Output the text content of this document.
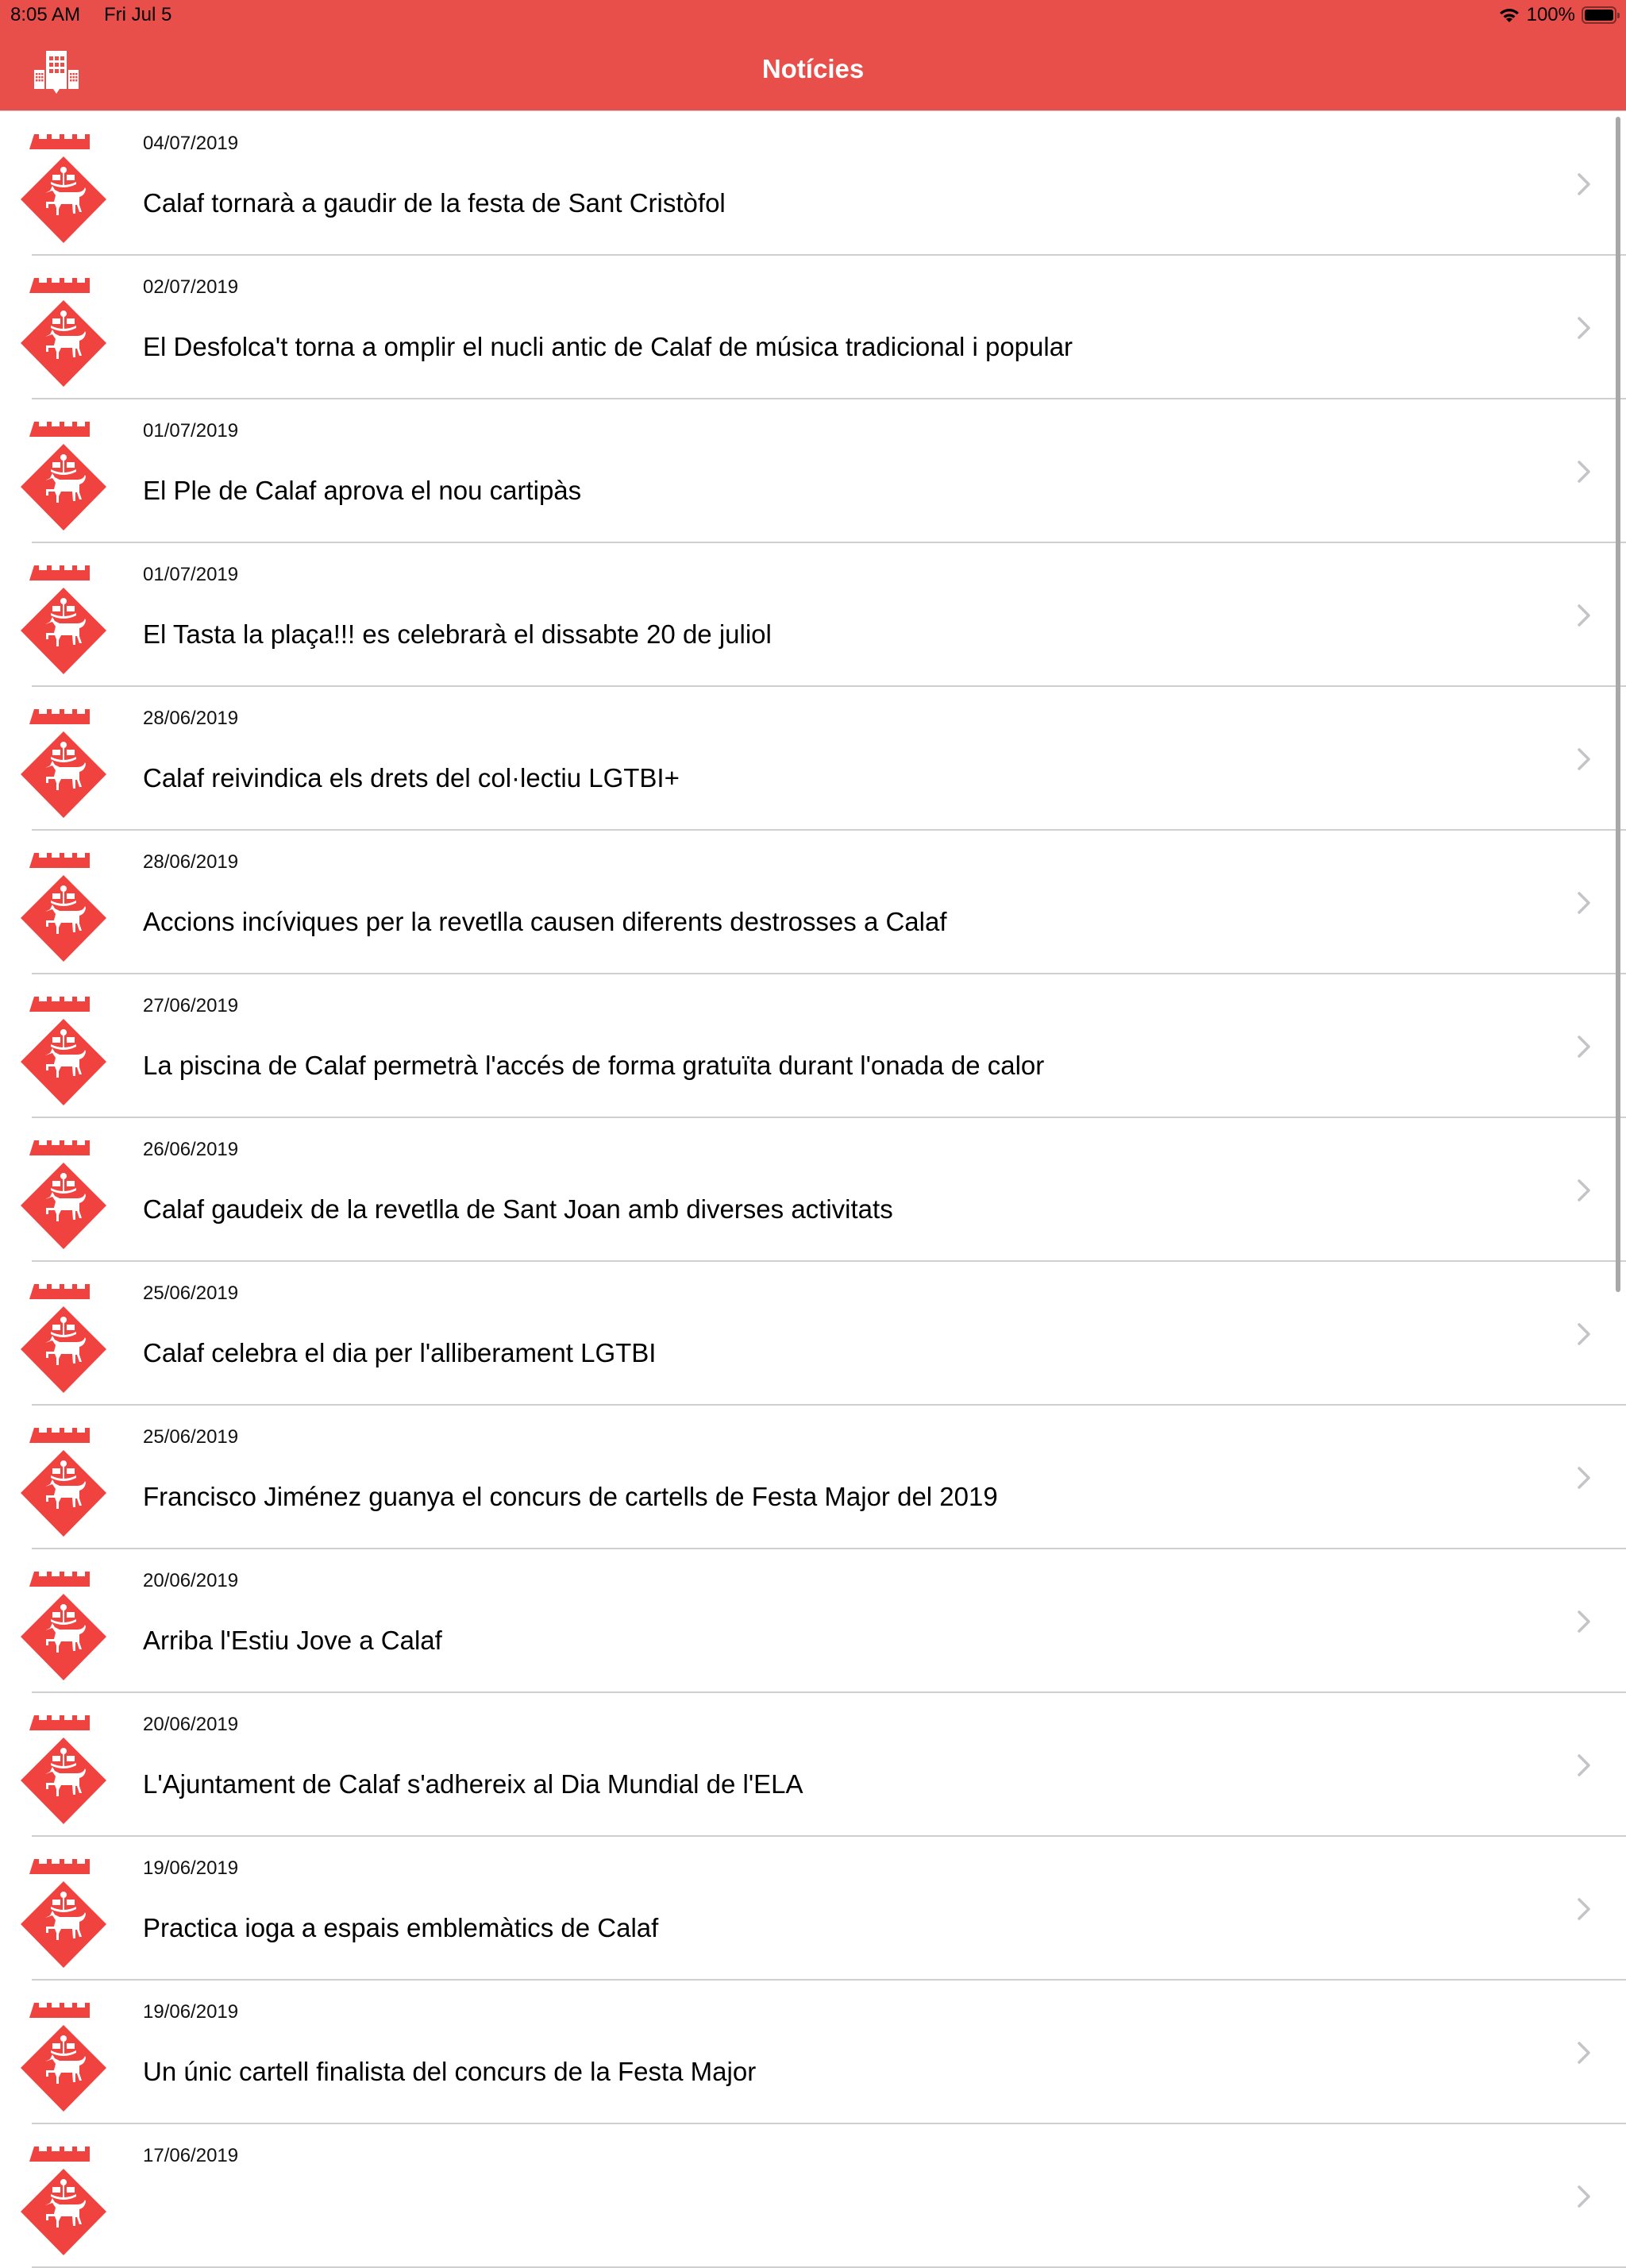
8:05 AM Fri Jul 5	100%
Notícies
04/07/2019
Calaf tornarà a gaudir de la festa de Sant Cristòfol
02/07/2019
El Desfolca't torna a omplir el nucli antic de Calaf de música tradicional i popular
01/07/2019
El Ple de Calaf aprova el nou cartipàs
01/07/2019
El Tasta la plaça!!! es celebrarà el dissabte 20 de juliol
28/06/2019
Calaf reivindica els drets del col·lectiu LGTBI+
28/06/2019
Accions incíviques per la revetlla causen diferents destrosses a Calaf
27/06/2019
La piscina de Calaf permetrà l'accés de forma gratuïta durant l'onada de calor
26/06/2019
Calaf gaudeix de la revetlla de Sant Joan amb diverses activitats
25/06/2019
Calaf celebra el dia per l'alliberament LGTBI
25/06/2019
Francisco Jiménez guanya el concurs de cartells de Festa Major del 2019
20/06/2019
Arriba l'Estiu Jove a Calaf
20/06/2019
L'Ajuntament de Calaf s'adhereix al Dia Mundial de l'ELA
19/06/2019
Practica ioga a espais emblemàtics de Calaf
19/06/2019
Un únic cartell finalista del concurs de la Festa Major
17/06/2019
